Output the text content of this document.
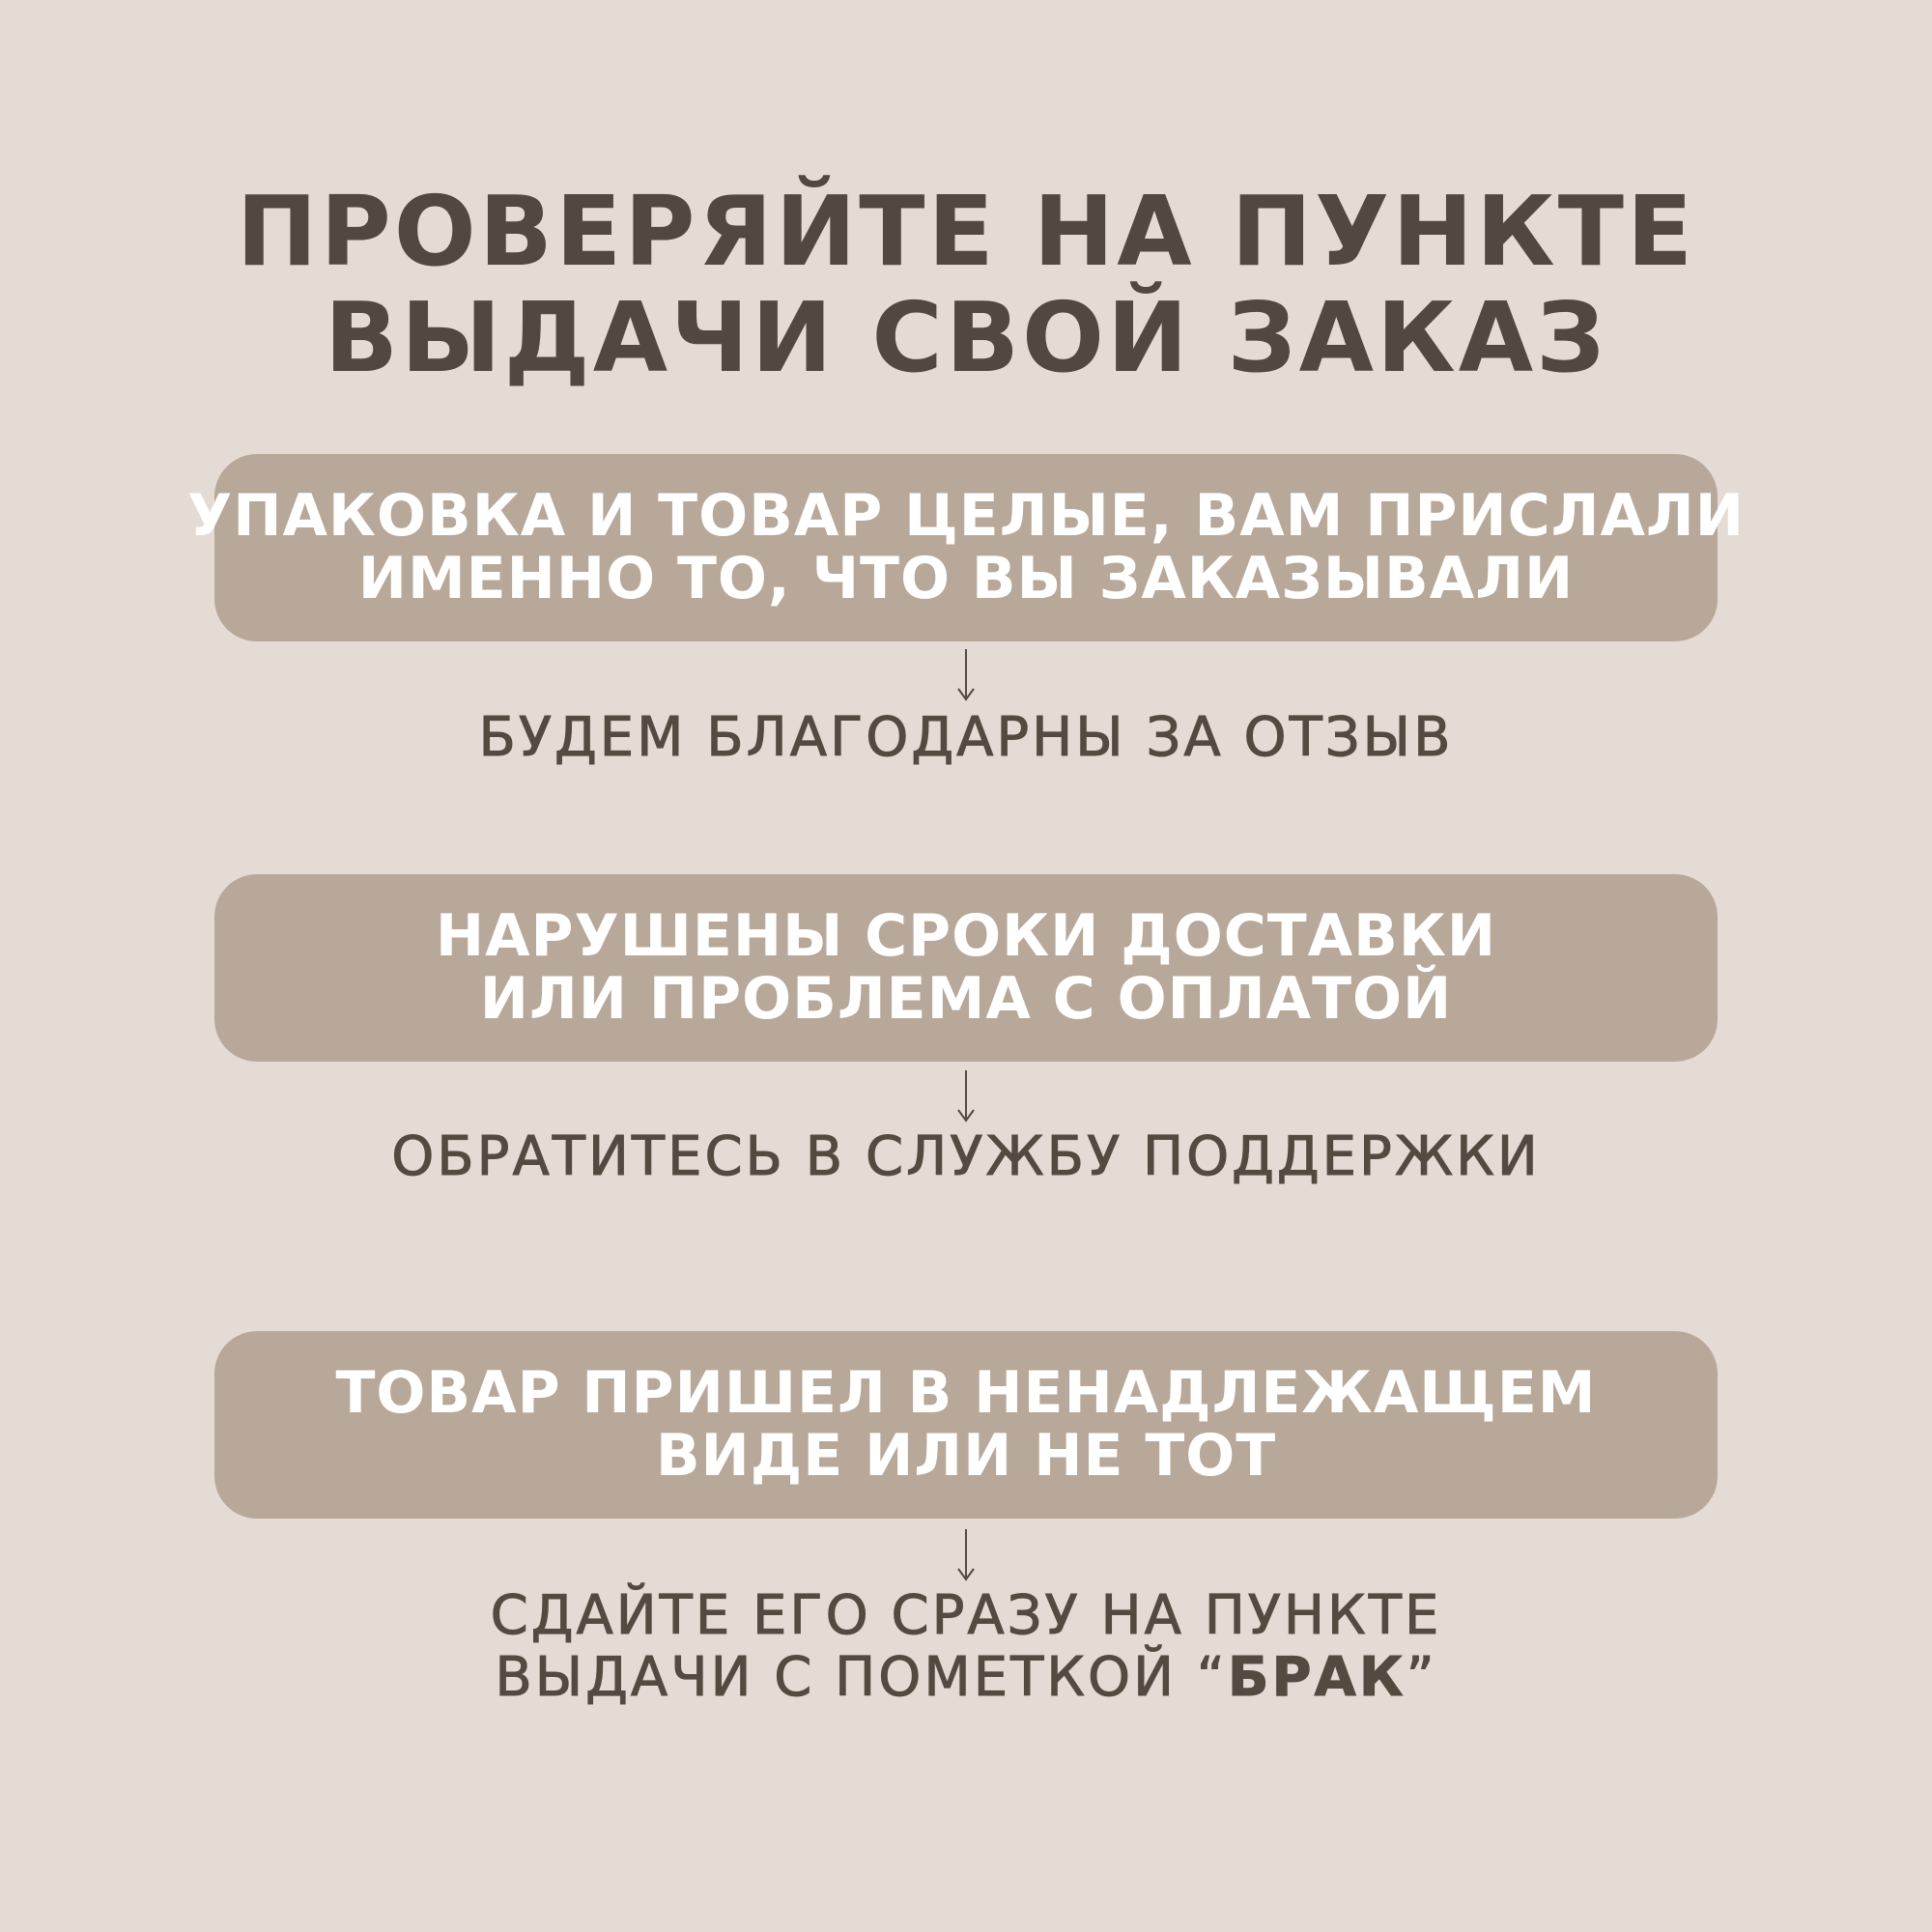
ПРОВЕРЯЙТЕ НА ПУНКТЕ
ВЫДАЧИ СВОЙ ЗАКАЗ
УПАКОВКА И ТОВАР ЦЕЛЫЕ, ВАМ ПРИСЛАЛИ
ИМЕННО ТО, ЧТО ВЫ ЗАКАЗЫВАЛИ
БУДЕМ БЛАГОДАРНЫ ЗА ОТЗЫВ
НАРУШЕНЫ СРОКИ ДОСТАВКИ
ИЛИ ПРОБЛЕМА С ОПЛАТОЙ
ОБРАТИТЕСЬ В СЛУЖБУ ПОДДЕРЖКИ
ТОВАР ПРИШЕЛ В НЕНАДЛЕЖАЩЕМ
ВИДЕ ИЛИ НЕ ТОТ
СДАЙТЕ ЕГО СРАЗУ НА ПУНКТЕ
ВЫДАЧИ С ПОМЕТКОЙ “БРАК”
